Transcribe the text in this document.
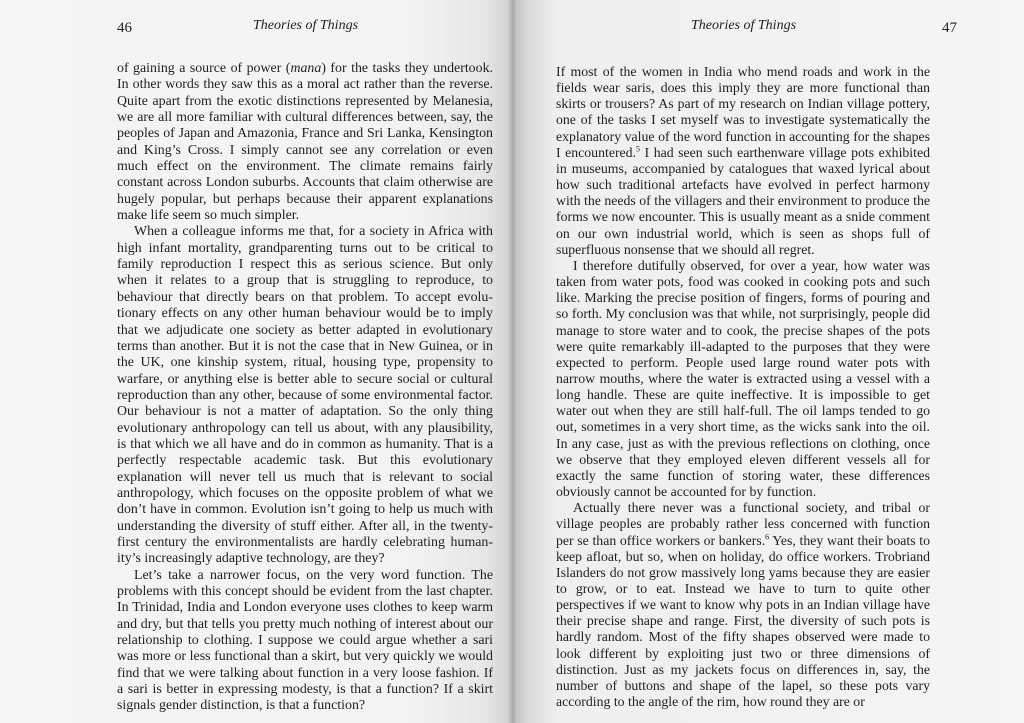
46	Theories of Things

of gaining a source of power (mana) for the tasks they undertook. In other words they saw this as a moral act rather than the reverse. Quite apart from the exotic distinctions represented by Melanesia, we are all more familiar with cultural differences between, say, the peoples of Japan and Amazonia, France and Sri Lanka, Kensington and King’s Cross. I simply cannot see any correlation or even much effect on the environment. The climate remains fairly constant across London suburbs. Accounts that claim otherwise are hugely popular, but perhaps because their apparent explanations make life seem so much simpler.

When a colleague informs me that, for a society in Africa with high infant mortality, grandparenting turns out to be critical to family reproduction I respect this as serious science. But only when it relates to a group that is struggling to reproduce, to behaviour that directly bears on that problem. To accept evolutionary effects on any other human behaviour would be to imply that we adjudicate one society as better adapted in evolutionary terms than another. But it is not the case that in New Guinea, or in the UK, one kinship system, ritual, housing type, propensity to warfare, or anything else is better able to secure social or cultural reproduction than any other, because of some environmental factor. Our behaviour is not a matter of adaptation. So the only thing evolutionary anthropology can tell us about, with any plausibility, is that which we all have and do in common as humanity. That is a perfectly respectable academic task. But this evolutionary explanation will never tell us much that is relevant to social anthropology, which focuses on the opposite problem of what we don’t have in common. Evolution isn’t going to help us much with understanding the diversity of stuff either. After all, in the twenty-first century the environmentalists are hardly celebrating humanity’s increasingly adaptive technology, are they?

Let’s take a narrower focus, on the very word function. The problems with this concept should be evident from the last chapter. In Trinidad, India and London everyone uses clothes to keep warm and dry, but that tells you pretty much nothing of interest about our relationship to clothing. I suppose we could argue whether a sari was more or less functional than a skirt, but very quickly we would find that we were talking about function in a very loose fashion. If a sari is better in expressing modesty, is that a function? If a skirt signals gender distinction, is that a function?

Theories of Things	47

If most of the women in India who mend roads and work in the fields wear saris, does this imply they are more functional than skirts or trousers? As part of my research on Indian village pottery, one of the tasks I set myself was to investigate systematically the explanatory value of the word function in accounting for the shapes I encountered.$^5$ I had seen such earthenware village pots exhibited in museums, accompanied by catalogues that waxed lyrical about how such traditional artefacts have evolved in perfect harmony with the needs of the villagers and their environment to produce the forms we now encounter. This is usually meant as a snide comment on our own industrial world, which is seen as shops full of superfluous nonsense that we should all regret.

I therefore dutifully observed, for over a year, how water was taken from water pots, food was cooked in cooking pots and such like. Marking the precise position of fingers, forms of pouring and so forth. My conclusion was that while, not surprisingly, people did manage to store water and to cook, the precise shapes of the pots were quite remarkably ill-adapted to the purposes that they were expected to perform. People used large round water pots with narrow mouths, where the water is extracted using a vessel with a long handle. These are quite ineffective. It is impossible to get water out when they are still half-full. The oil lamps tended to go out, sometimes in a very short time, as the wicks sank into the oil. In any case, just as with the previous reflections on clothing, once we observe that they employed eleven different vessels all for exactly the same function of storing water, these differences obviously cannot be accounted for by function.

Actually there never was a functional society, and tribal or village peoples are probably rather less concerned with function per se than office workers or bankers.$^6$ Yes, they want their boats to keep afloat, but so, when on holiday, do office workers. Trobriand Islanders do not grow massively long yams because they are easier to grow, or to eat. Instead we have to turn to quite other perspectives if we want to know why pots in an Indian village have their precise shape and range. First, the diversity of such pots is hardly random. Most of the fifty shapes observed were made to look different by exploiting just two or three dimensions of distinction. Just as my jackets focus on differences in, say, the number of buttons and shape of the lapel, so these pots vary according to the angle of the rim, how round they are or
